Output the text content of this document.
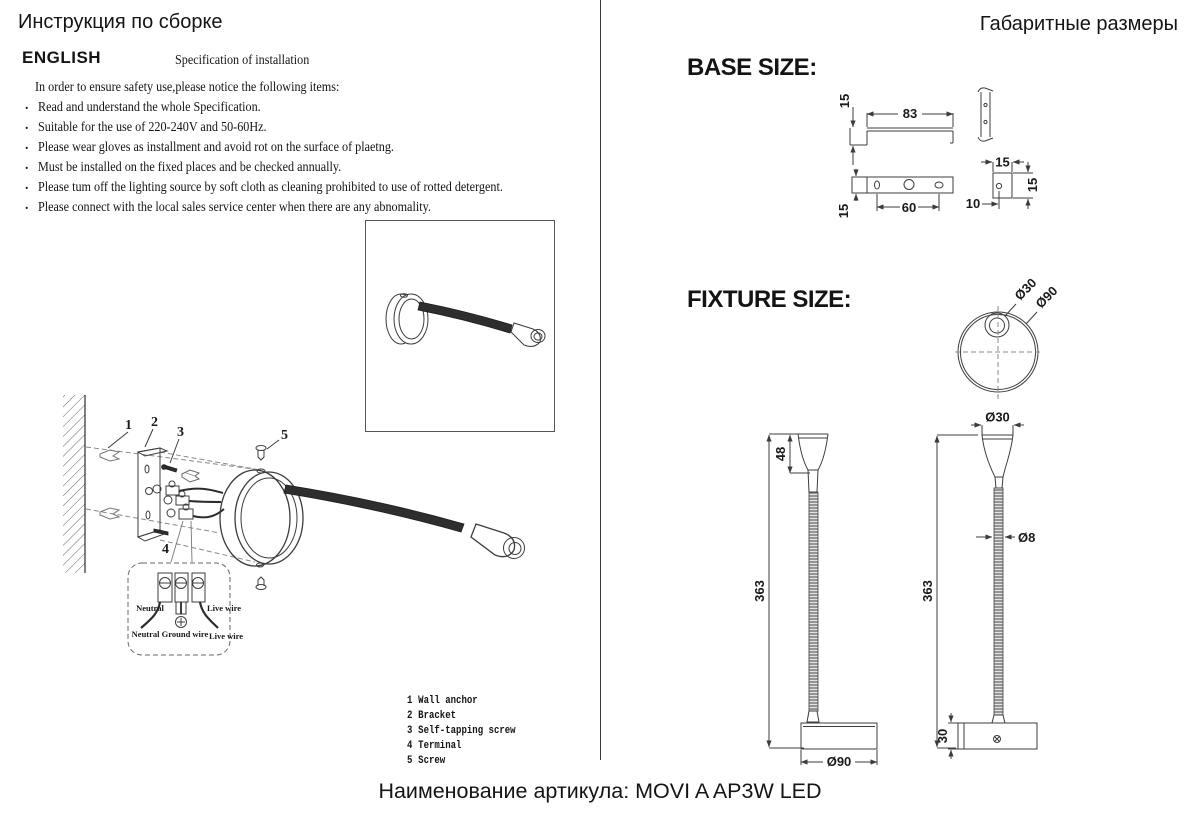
Инструкция по сборке	Габаритные размеры
ENGLISH	Specification of installation
In order to ensure safety use,please notice the following items:
. Read and understand the whole Specification.
. Suitable for the use of 220-240V and 50-60Hz.
. Please wear gloves as installment and avoid rot on the surface of plaetng.
. Must be installed on the fixed places and be checked annually.
. Please tum off the lighting source by soft cloth as cleaning prohibited to use of rotted detergent.
. Please connect with the local sales service center when there are any abnomality.
1 2
3	5
4
Neutral	Live wire
Neutral Ground wire Live wire
1 Wall anchor
2 Bracket
3 Self-tapping screw
4 Terminal
5 Screw
BASE SIZE:
FIXTURE SIZE:
83
15
15	60
15
15
10
Ø30
Ø90
363
48
Ø90
Ø30
363
Ø8
30
Наименование артикула: MOVI A AP3W LED
